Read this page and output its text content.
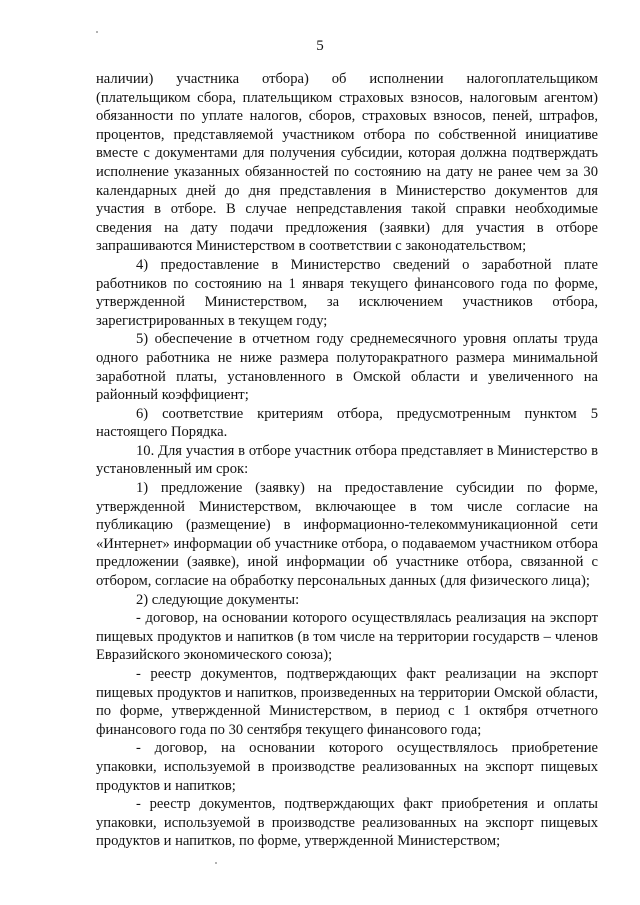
5

наличии) участника отбора) об исполнении налогоплательщиком (плательщиком сбора, плательщиком страховых взносов, налоговым агентом) обязанности по уплате налогов, сборов, страховых взносов, пеней, штрафов, процентов, представляемой участником отбора по собственной инициативе вместе с документами для получения субсидии, которая должна подтверждать исполнение указанных обязанностей по состоянию на дату не ранее чем за 30 календарных дней до дня представления в Министерство документов для участия в отборе. В случае непредставления такой справки необходимые сведения на дату подачи предложения (заявки) для участия в отборе запрашиваются Министерством в соответствии с законодательством;

4) предоставление в Министерство сведений о заработной плате работников по состоянию на 1 января текущего финансового года по форме, утвержденной Министерством, за исключением участников отбора, зарегистрированных в текущем году;

5) обеспечение в отчетном году среднемесячного уровня оплаты труда одного работника не ниже размера полуторакратного размера минимальной заработной платы, установленного в Омской области и увеличенного на районный коэффициент;

6) соответствие критериям отбора, предусмотренным пунктом 5 настоящего Порядка.

10. Для участия в отборе участник отбора представляет в Министерство в установленный им срок:

1) предложение (заявку) на предоставление субсидии по форме, утвержденной Министерством, включающее в том числе согласие на публикацию (размещение) в информационно-телекоммуникационной сети «Интернет» информации об участнике отбора, о подаваемом участником отбора предложении (заявке), иной информации об участнике отбора, связанной с отбором, согласие на обработку персональных данных (для физического лица);

2) следующие документы:

- договор, на основании которого осуществлялась реализация на экспорт пищевых продуктов и напитков (в том числе на территории государств – членов Евразийского экономического союза);

- реестр документов, подтверждающих факт реализации на экспорт пищевых продуктов и напитков, произведенных на территории Омской области, по форме, утвержденной Министерством, в период с 1 октября отчетного финансового года по 30 сентября текущего финансового года;

- договор, на основании которого осуществлялось приобретение упаковки, используемой в производстве реализованных на экспорт пищевых продуктов и напитков;

- реестр документов, подтверждающих факт приобретения и оплаты упаковки, используемой в производстве реализованных на экспорт пищевых продуктов и напитков, по форме, утвержденной Министерством;
